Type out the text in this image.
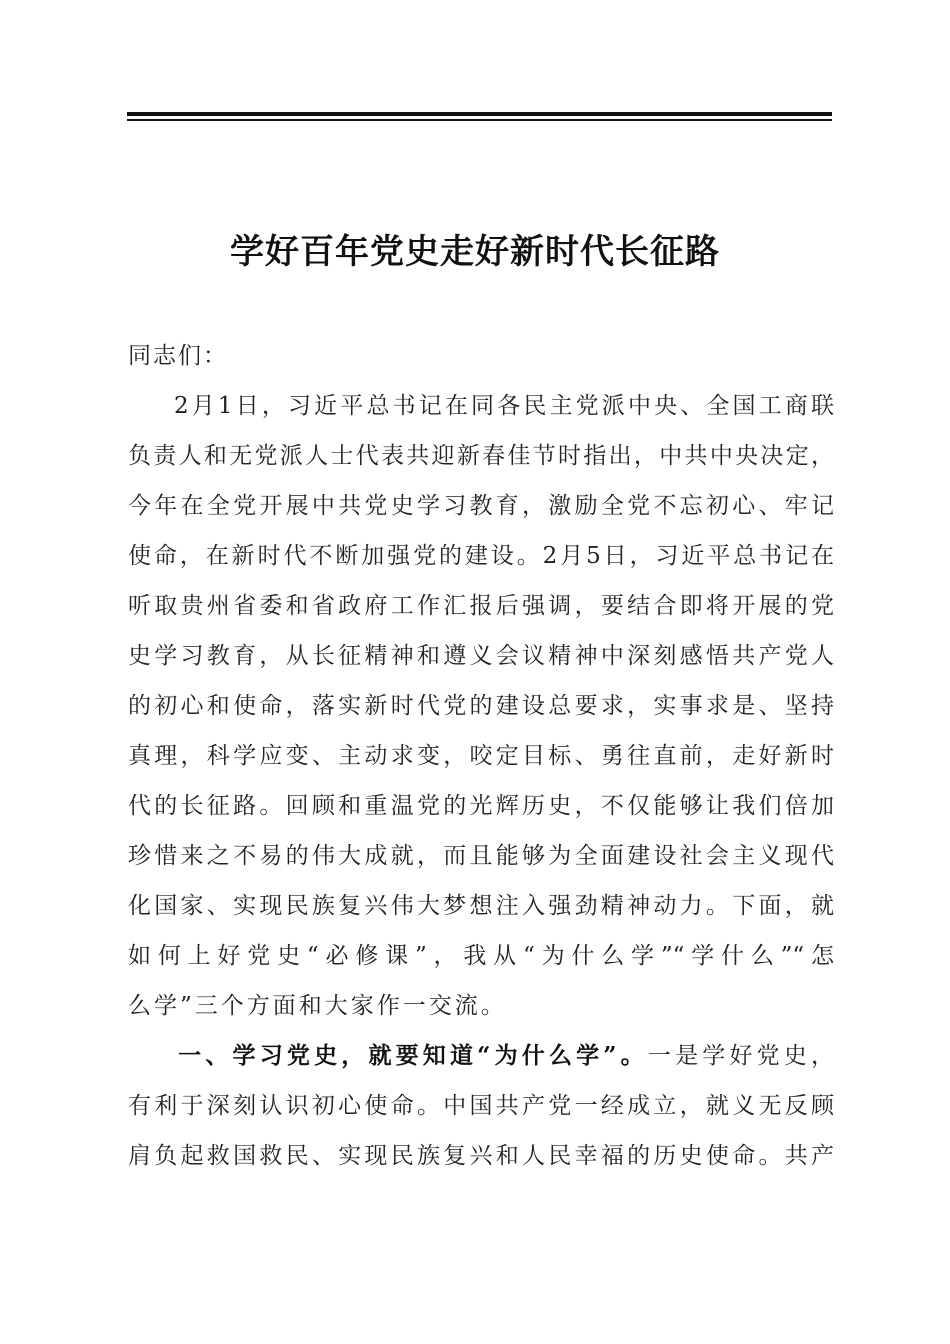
学好百年党史走好新时代长征路

同志们：

2月1日，习近平总书记在同各民主党派中央、全国工商联
负责人和无党派人士代表共迎新春佳节时指出，中共中央决定，
今年在全党开展中共党史学习教育，激励全党不忘初心、牢记
使命，在新时代不断加强党的建设。2月5日，习近平总书记在
听取贵州省委和省政府工作汇报后强调，要结合即将开展的党
史学习教育，从长征精神和遵义会议精神中深刻感悟共产党人
的初心和使命，落实新时代党的建设总要求，实事求是、坚持
真理，科学应变、主动求变，咬定目标、勇往直前，走好新时
代的长征路。回顾和重温党的光辉历史，不仅能够让我们倍加
珍惜来之不易的伟大成就，而且能够为全面建设社会主义现代
化国家、实现民族复兴伟大梦想注入强劲精神动力。下面，就
如何上好党史“必修课”，我从“为什么学”“学什么”“怎
么学”三个方面和大家作一交流。
一、学习党史，就要知道“为什么学”。一是学好党史，
有利于深刻认识初心使命。中国共产党一经成立，就义无反顾
肩负起救国救民、实现民族复兴和人民幸福的历史使命。共产
